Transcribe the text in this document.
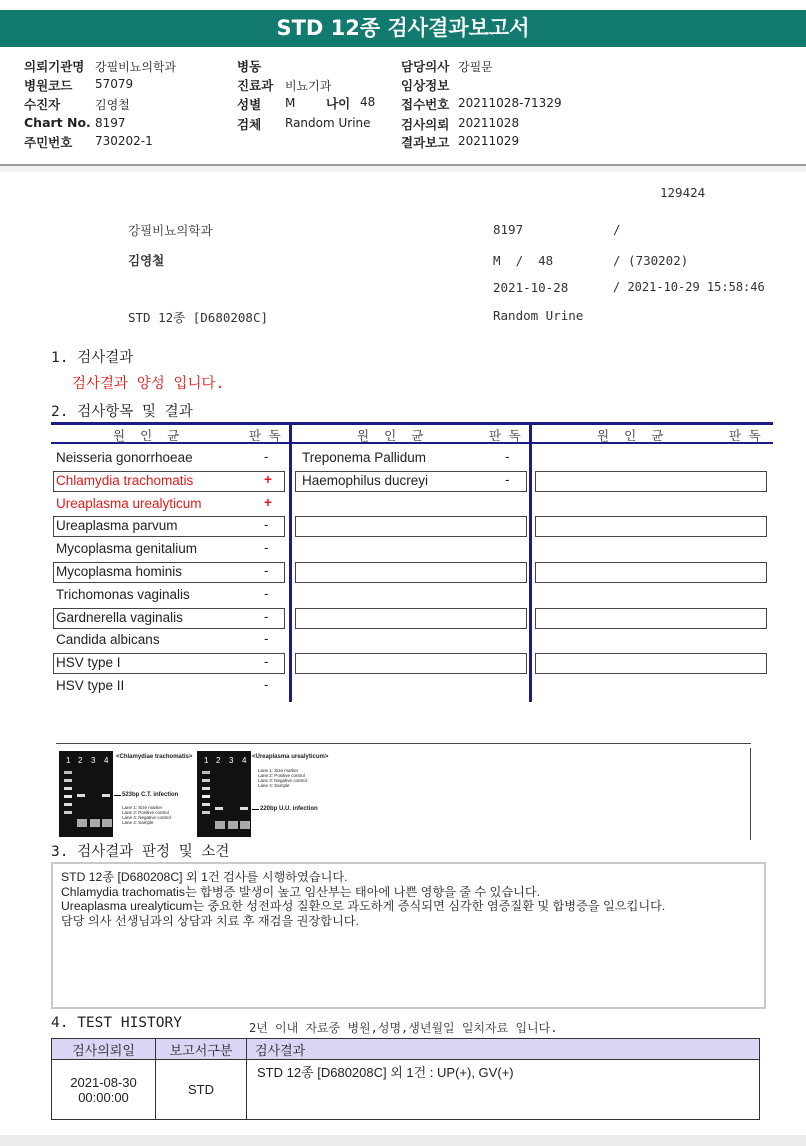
STD 12종 검사결과보고서
의뢰기관명 강필비뇨의학과
병원코드 57079
수진자	김영철
Chart No. 8197
주민번호 730202-1
병동
진료과 비뇨기과
성별 M
검체 Random Urine
담당의사 강필문
임상정보
접수번호 20211028-71329
검사의뢰 20211028
결과보고 20211029
나이 48
129424
강필비뇨의학과	8197	/
김영철	M  /  48	/ (730202)
2021-10-28	/ 2021-10-29 15:58:46
STD 12종 [D680208C]	Random Urine
1. 검사결과
검사결과 양성 입니다.
2. 검사항목 및 결과
원  인  균	판 독	원  인  균	판 독	원  인  균	판 독
Neisseria gonorrhoeae	-
Chlamydia trachomatis	+
Ureaplasma urealyticum	+
Ureaplasma parvum	-
Mycoplasma genitalium	-
Mycoplasma hominis	-
Trichomonas vaginalis	-
Gardnerella vaginalis	-
Candida albicans	-
HSV type I	-
HSV type II	-
Treponema Pallidum	-
Haemophilus ducreyi	-
1 2 3 4 <Chlamydiae trachomatis>
523bp C.T. infection
Lane 1: Size marker
Lane 2: Positive control
Lane 3: Negative control
Lane 4: Sample
1 2 3 4 <Ureaplasma urealyticum>
Lane 1: Size marker
Lane 2: Positive control
Lane 3: Negative control
Lane 4: Sample
220bp U.U. infection
3. 검사결과 판정 및 소견
STD 12종 [D680208C] 외 1건 검사를 시행하였습니다.
Chlamydia trachomatis는 합병증 발생이 높고 임산부는 태아에 나쁜 영향을 줄 수 있습니다.
Ureaplasma urealyticum는 중요한 성전파성 질환으로 과도하게 증식되면 심각한 염증질환 및 합병증을 일으킵니다.
담당 의사 선생님과의 상담과 치료 후 재검을 권장합니다.
4. TEST HISTORY	2년 이내 자료중 병원,성명,생년월일 일치자료 입니다.
검사의뢰일	보고서구분	검사결과

2021-08-30
00:00:00	STD	STD 12종 [D680208C] 외 1건 : UP(+), GV(+)
